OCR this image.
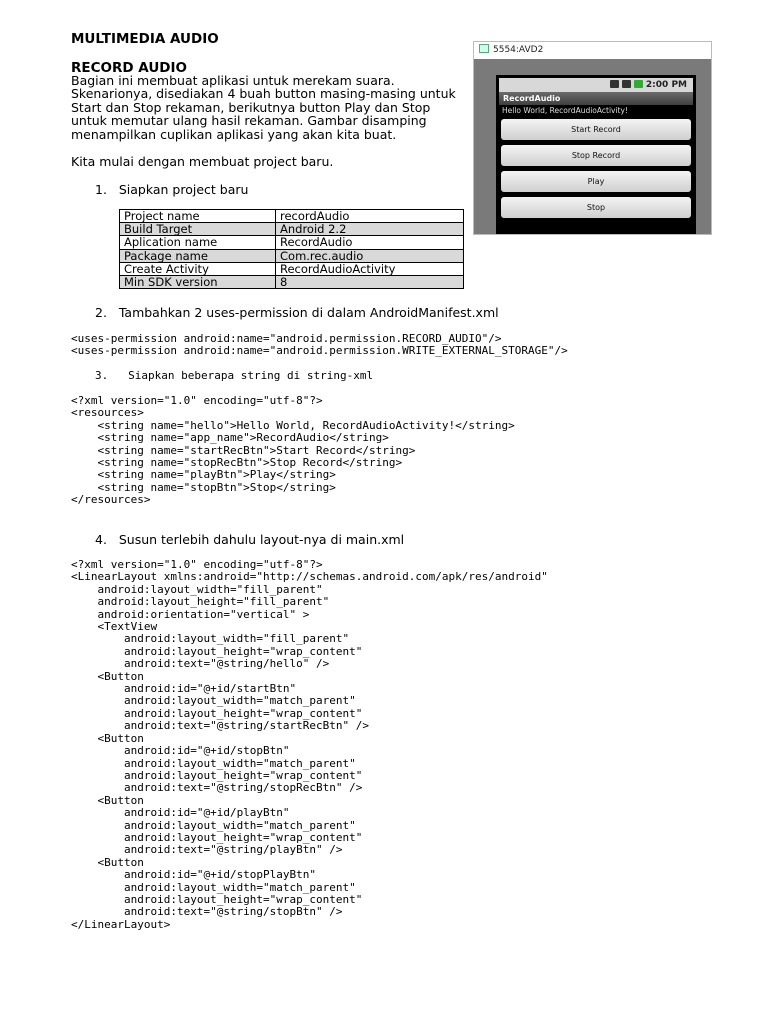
MULTIMEDIA AUDIO
RECORD AUDIO
Bagian ini membuat aplikasi untuk merekam suara.
Skenarionya, disediakan 4 buah button masing-masing untuk
Start dan Stop rekaman, berikutnya button Play dan Stop
untuk memutar ulang hasil rekaman. Gambar disamping
menampilkan cuplikan aplikasi yang akan kita buat.
Kita mulai dengan membuat project baru.
1.   Siapkan project baru
Project name	recordAudio
Build Target	Android 2.2
Aplication name	RecordAudio
Package name	Com.rec.audio
Create Activity	RecordAudioActivity
Min SDK version	8
2.   Tambahkan 2 uses-permission di dalam AndroidManifest.xml
<uses-permission android:name="android.permission.RECORD_AUDIO"/>
<uses-permission android:name="android.permission.WRITE_EXTERNAL_STORAGE"/>
3.   Siapkan beberapa string di string-xml
<?xml version="1.0" encoding="utf-8"?>
<resources>
<string name="hello">Hello World, RecordAudioActivity!</string>
<string name="app_name">RecordAudio</string>
<string name="startRecBtn">Start Record</string>
<string name="stopRecBtn">Stop Record</string>
<string name="playBtn">Play</string>
<string name="stopBtn">Stop</string>
</resources>
4.   Susun terlebih dahulu layout-nya di main.xml
<?xml version="1.0" encoding="utf-8"?>
<LinearLayout xmlns:android="http://schemas.android.com/apk/res/android"
android:layout_width="fill_parent"
android:layout_height="fill_parent"
android:orientation="vertical" >
<TextView
android:layout_width="fill_parent"
android:layout_height="wrap_content"
android:text="@string/hello" />
<Button
android:id="@+id/startBtn"
android:layout_width="match_parent"
android:layout_height="wrap_content"
android:text="@string/startRecBtn" />
<Button
android:id="@+id/stopBtn"
android:layout_width="match_parent"
android:layout_height="wrap_content"
android:text="@string/stopRecBtn" />
<Button
android:id="@+id/playBtn"
android:layout_width="match_parent"
android:layout_height="wrap_content"
android:text="@string/playBtn" />
<Button
android:id="@+id/stopPlayBtn"
android:layout_width="match_parent"
android:layout_height="wrap_content"
android:text="@string/stopBtn" />
</LinearLayout>
5554:AVD2
2:00 PM
RecordAudio
Hello World, RecordAudioActivity!
Start Record
Stop Record
Play
Stop
